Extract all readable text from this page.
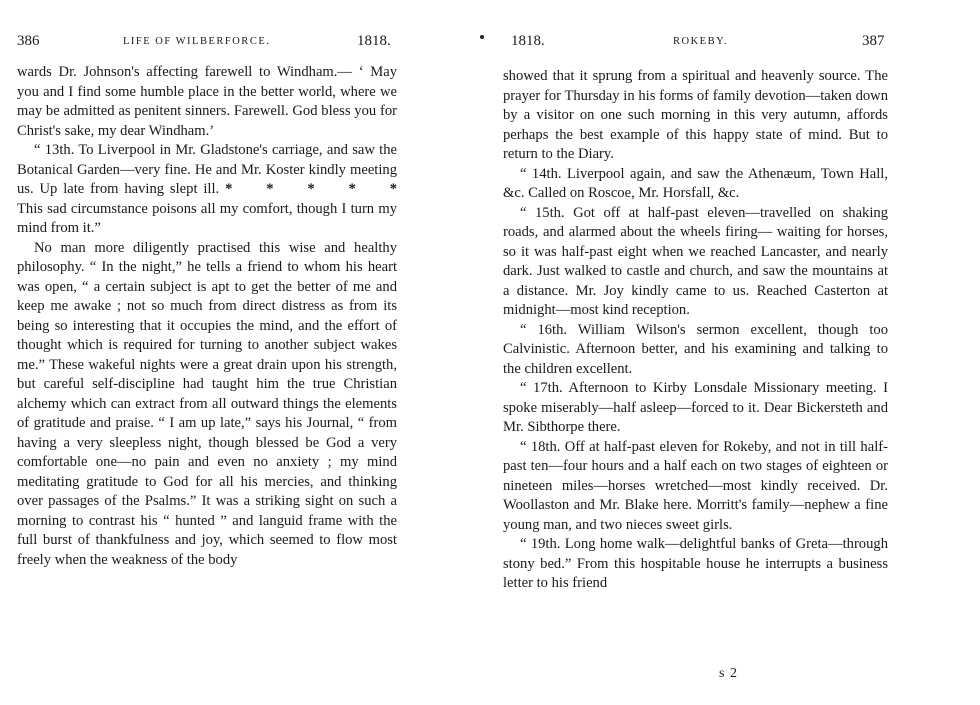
386	LIFE OF WILBERFORCE.	1818.

wards Dr. Johnson's affecting farewell to Windham.— ‘ May you and I find some humble place in the better world, where we may be admitted as penitent sinners. Farewell. God bless you for Christ's sake, my dear Windham.’

“ 13th. To Liverpool in Mr. Gladstone's carriage, and saw the Botanical Garden—very fine. He and Mr. Koster kindly meeting us. Up late from having slept ill. * * * * * This sad circumstance poisons all my comfort, though I turn my mind from it.”

No man more diligently practised this wise and healthy philosophy. “ In the night,” he tells a friend to whom his heart was open, “ a certain subject is apt to get the better of me and keep me awake ; not so much from direct distress as from its being so interesting that it occupies the mind, and the effort of thought which is required for turning to another subject wakes me.” These wakeful nights were a great drain upon his strength, but careful self-discipline had taught him the true Christian alchemy which can extract from all outward things the elements of gratitude and praise. “ I am up late,” says his Journal, “ from having a very sleepless night, though blessed be God a very comfortable one—no pain and even no anxiety ; my mind meditating gratitude to God for all his mercies, and thinking over passages of the Psalms.” It was a striking sight on such a morning to contrast his “ hunted ” and languid frame with the full burst of thankfulness and joy, which seemed to flow most freely when the weakness of the body

1818.	ROKEBY.	387

showed that it sprung from a spiritual and heavenly source. The prayer for Thursday in his forms of family devotion—taken down by a visitor on one such morning in this very autumn, affords perhaps the best example of this happy state of mind. But to return to the Diary.

“ 14th. Liverpool again, and saw the Athenæum, Town Hall, &c. Called on Roscoe, Mr. Horsfall, &c.

“ 15th. Got off at half-past eleven—travelled on shaking roads, and alarmed about the wheels firing— waiting for horses, so it was half-past eight when we reached Lancaster, and nearly dark. Just walked to castle and church, and saw the mountains at a distance. Mr. Joy kindly came to us. Reached Casterton at midnight—most kind reception.

“ 16th. William Wilson's sermon excellent, though too Calvinistic. Afternoon better, and his examining and talking to the children excellent.

“ 17th. Afternoon to Kirby Lonsdale Missionary meeting. I spoke miserably—half asleep—forced to it. Dear Bickersteth and Mr. Sibthorpe there.

“ 18th. Off at half-past eleven for Rokeby, and not in till half-past ten—four hours and a half each on two stages of eighteen or nineteen miles—horses wretched—most kindly received. Dr. Woollaston and Mr. Blake here. Morritt's family—nephew a fine young man, and two nieces sweet girls.

“ 19th. Long home walk—delightful banks of Greta—through stony bed.” From this hospitable house he interrupts a business letter to his friend

s 2
